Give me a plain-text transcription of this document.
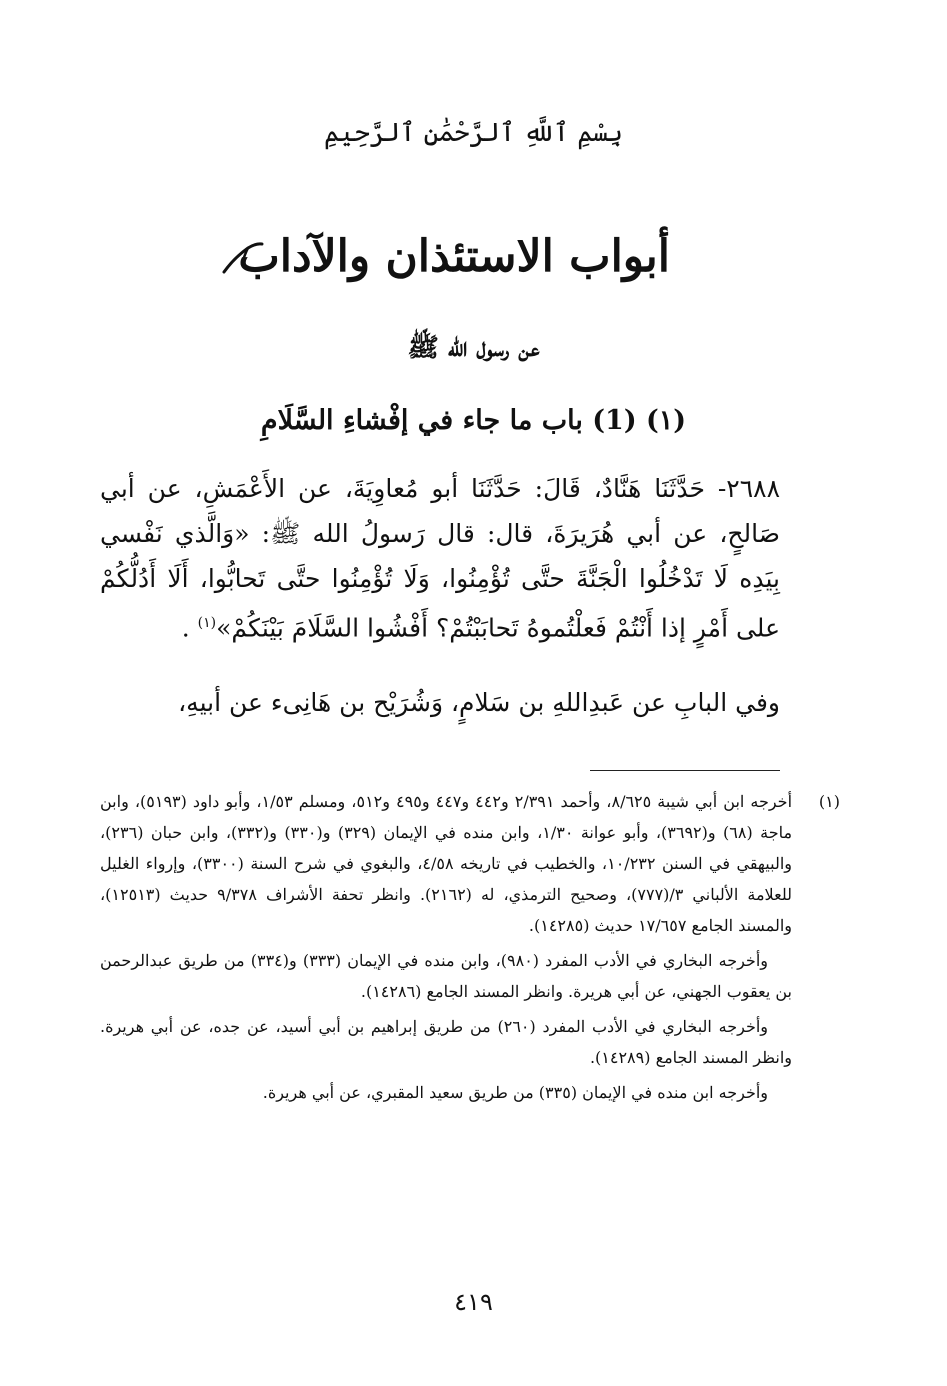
بِسْمِ ٱللَّهِ ٱلرَّحْمَٰنِ ٱلرَّحِيمِ
أبواب الاستئذان والآداب
عن رسول الله ﷺ
(١) (1) باب ما جاء في إفْشاءِ السَّلَامِ
٢٦٨٨- حَدَّثَنَا هَنَّادٌ، قَالَ: حَدَّثَنَا أبو مُعاوِيَةَ، عن الأَعْمَشِ، عن أبي صَالحٍ، عن أبي هُرَيرَةَ، قال: قال رَسولُ الله ﷺ: «وَالَّذي نَفْسي بِيَدِه لَا تَدْخُلُوا الْجَنَّةَ حتَّى تُؤْمِنُوا، وَلَا تُؤْمِنُوا حتَّى تَحابُّوا، أَلَا أَدُلُّكُمْ على أَمْرٍ إذا أَنْتُمْ فَعلْتُموهُ تَحابَبْتُمْ؟ أَفْشُوا السَّلَامَ بَيْنَكُمْ»$^{(١)}$ .
وفي البابِ عن عَبدِاللهِ بن سَلامٍ، وَشُرَيْح بن هَانِىء عن أبيهِ،
(١)

أخرجه ابن أبي شيبة ٨/٦٢٥، وأحمد ٢/٣٩١ و٤٤٢ و٤٤٧ و٤٩٥ و٥١٢، ومسلم ١/٥٣، وأبو داود (٥١٩٣)، وابن ماجة (٦٨) و(٣٦٩٢)، وأبو عوانة ١/٣٠، وابن منده في الإيمان (٣٢٩) و(٣٣٠) و(٣٣٢)، وابن حبان (٢٣٦)، والبيهقي في السنن ١٠/٢٣٢، والخطيب في تاريخه ٤/٥٨، والبغوي في شرح السنة (٣٣٠٠)، وإرواء الغليل للعلامة الألباني ٣/(٧٧٧)، وصحيح الترمذي، له (٢١٦٢). وانظر تحفة الأشراف ٩/٣٧٨ حديث (١٢٥١٣)، والمسند الجامع ١٧/٦٥٧ حديث (١٤٢٨٥).

وأخرجه البخاري في الأدب المفرد (٩٨٠)، وابن منده في الإيمان (٣٣٣) و(٣٣٤) من طريق عبدالرحمن بن يعقوب الجهني، عن أبي هريرة. وانظر المسند الجامع (١٤٢٨٦).

وأخرجه البخاري في الأدب المفرد (٢٦٠) من طريق إبراهيم بن أبي أسيد، عن جده، عن أبي هريرة. وانظر المسند الجامع (١٤٢٨٩).

وأخرجه ابن منده في الإيمان (٣٣٥) من طريق سعيد المقبري، عن أبي هريرة.

٤١٩
